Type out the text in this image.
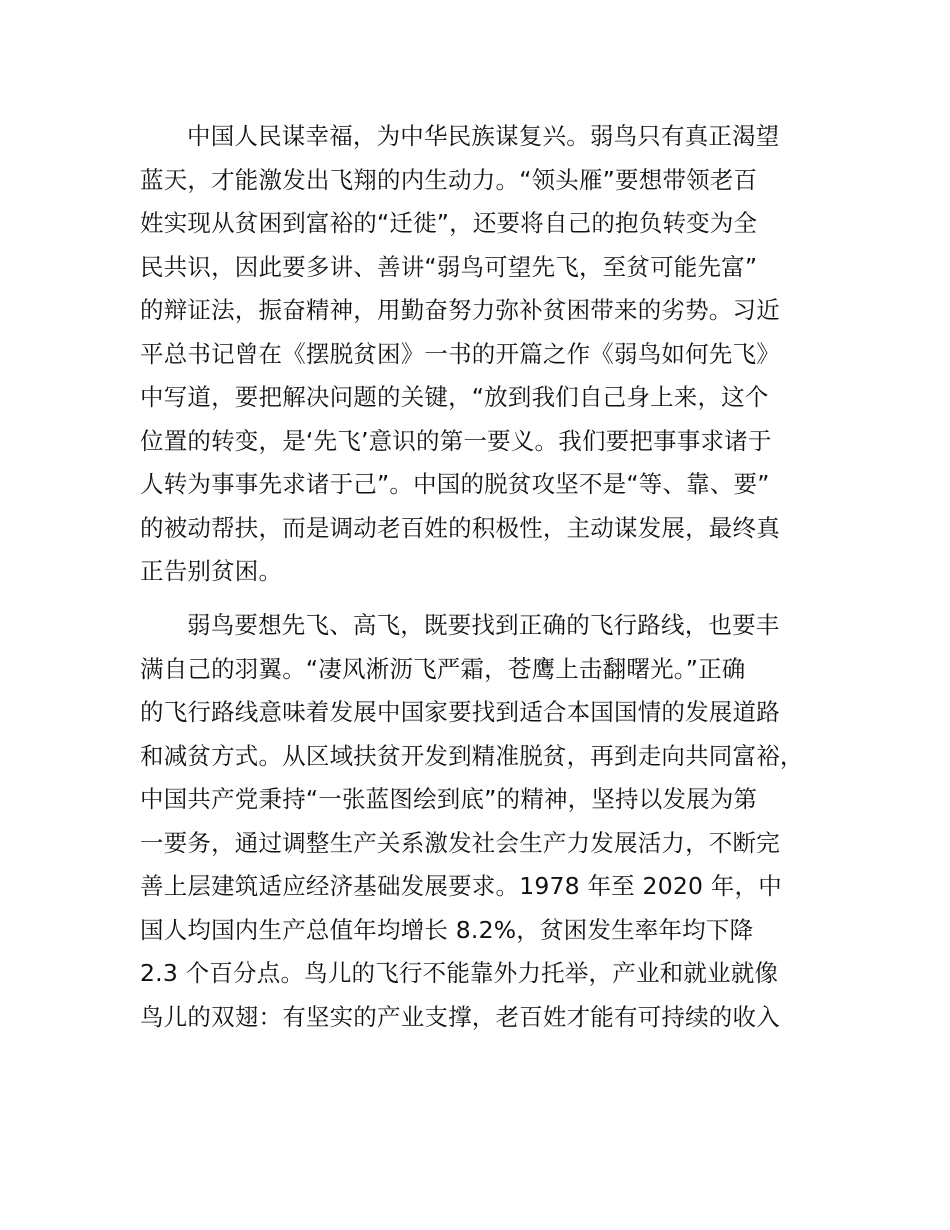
中国人民谋幸福，为中华民族谋复兴。弱鸟只有真正渴望
蓝天，才能激发出飞翔的内生动力。“领头雁”要想带领老百
姓实现从贫困到富裕的“迁徙”，还要将自己的抱负转变为全
民共识，因此要多讲、善讲“弱鸟可望先飞，至贫可能先富”
的辩证法，振奋精神，用勤奋努力弥补贫困带来的劣势。习近
平总书记曾在《摆脱贫困》一书的开篇之作《弱鸟如何先飞》
中写道，要把解决问题的关键，“放到我们自己身上来，这个
位置的转变，是‘先飞’意识的第一要义。我们要把事事求诸于
人转为事事先求诸于己”。中国的脱贫攻坚不是“等、靠、要”
的被动帮扶，而是调动老百姓的积极性，主动谋发展，最终真
正告别贫困。
弱鸟要想先飞、高飞，既要找到正确的飞行路线，也要丰
满自己的羽翼。“凄风淅沥飞严霜，苍鹰上击翻曙光。”正确
的飞行路线意味着发展中国家要找到适合本国国情的发展道路
和减贫方式。从区域扶贫开发到精准脱贫，再到走向共同富裕，
中国共产党秉持“一张蓝图绘到底”的精神，坚持以发展为第
一要务，通过调整生产关系激发社会生产力发展活力，不断完
善上层建筑适应经济基础发展要求。1978 年至 2020 年，中
国人均国内生产总值年均增长 8.2%，贫困发生率年均下降
2.3 个百分点。鸟儿的飞行不能靠外力托举，产业和就业就像
鸟儿的双翅：有坚实的产业支撑，老百姓才能有可持续的收入
